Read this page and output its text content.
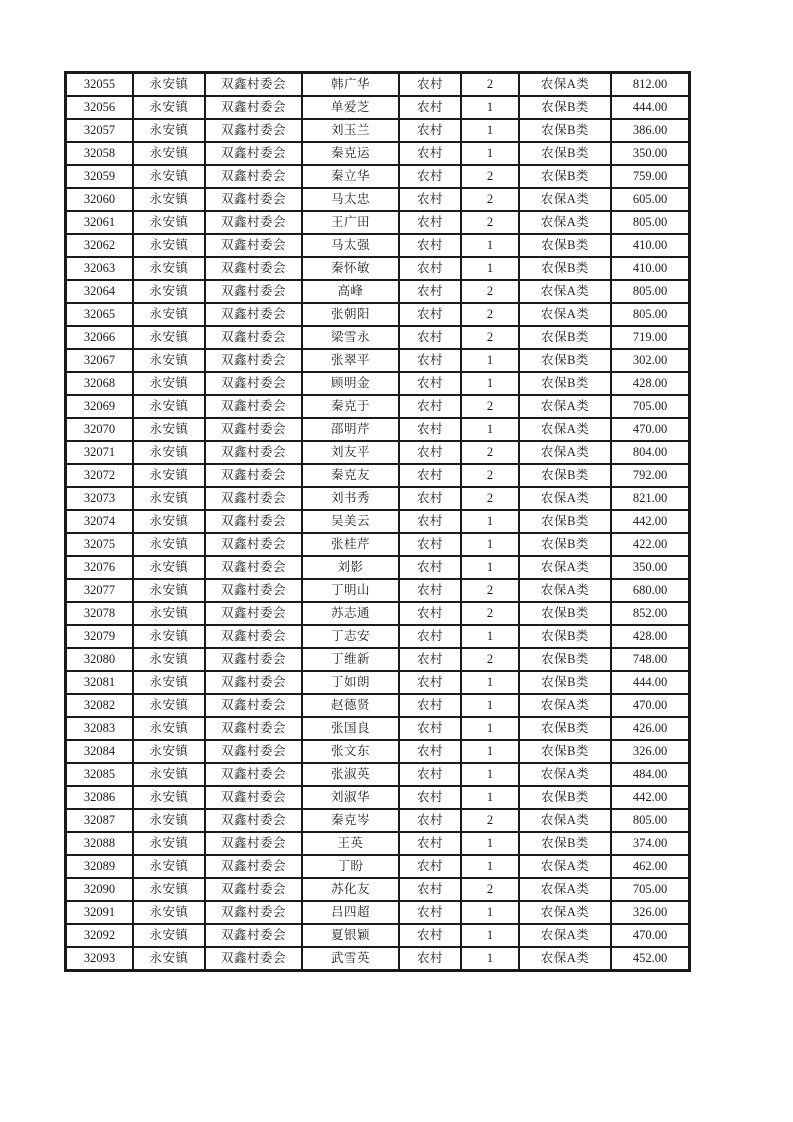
32055	永安镇	双鑫村委会	韩广华	农村	2	农保A类	812.00
32056	永安镇	双鑫村委会	单爱芝	农村	1	农保B类	444.00
32057	永安镇	双鑫村委会	刘玉兰	农村	1	农保B类	386.00
32058	永安镇	双鑫村委会	秦克运	农村	1	农保B类	350.00
32059	永安镇	双鑫村委会	秦立华	农村	2	农保B类	759.00
32060	永安镇	双鑫村委会	马太忠	农村	2	农保A类	605.00
32061	永安镇	双鑫村委会	王广田	农村	2	农保A类	805.00
32062	永安镇	双鑫村委会	马太强	农村	1	农保B类	410.00
32063	永安镇	双鑫村委会	秦怀敏	农村	1	农保B类	410.00
32064	永安镇	双鑫村委会	高峰	农村	2	农保A类	805.00
32065	永安镇	双鑫村委会	张朝阳	农村	2	农保A类	805.00
32066	永安镇	双鑫村委会	梁雪永	农村	2	农保B类	719.00
32067	永安镇	双鑫村委会	张翠平	农村	1	农保B类	302.00
32068	永安镇	双鑫村委会	顾明金	农村	1	农保B类	428.00
32069	永安镇	双鑫村委会	秦克于	农村	2	农保A类	705.00
32070	永安镇	双鑫村委会	邵明芹	农村	1	农保A类	470.00
32071	永安镇	双鑫村委会	刘友平	农村	2	农保A类	804.00
32072	永安镇	双鑫村委会	秦克友	农村	2	农保B类	792.00
32073	永安镇	双鑫村委会	刘书秀	农村	2	农保A类	821.00
32074	永安镇	双鑫村委会	吴美云	农村	1	农保B类	442.00
32075	永安镇	双鑫村委会	张桂芹	农村	1	农保B类	422.00
32076	永安镇	双鑫村委会	刘影	农村	1	农保A类	350.00
32077	永安镇	双鑫村委会	丁明山	农村	2	农保A类	680.00
32078	永安镇	双鑫村委会	苏志通	农村	2	农保B类	852.00
32079	永安镇	双鑫村委会	丁志安	农村	1	农保B类	428.00
32080	永安镇	双鑫村委会	丁维新	农村	2	农保B类	748.00
32081	永安镇	双鑫村委会	丁如朗	农村	1	农保B类	444.00
32082	永安镇	双鑫村委会	赵德贤	农村	1	农保A类	470.00
32083	永安镇	双鑫村委会	张国良	农村	1	农保B类	426.00
32084	永安镇	双鑫村委会	张文东	农村	1	农保B类	326.00
32085	永安镇	双鑫村委会	张淑英	农村	1	农保A类	484.00
32086	永安镇	双鑫村委会	刘淑华	农村	1	农保B类	442.00
32087	永安镇	双鑫村委会	秦克岑	农村	2	农保A类	805.00
32088	永安镇	双鑫村委会	王英	农村	1	农保B类	374.00
32089	永安镇	双鑫村委会	丁盼	农村	1	农保A类	462.00
32090	永安镇	双鑫村委会	苏化友	农村	2	农保A类	705.00
32091	永安镇	双鑫村委会	吕四超	农村	1	农保A类	326.00
32092	永安镇	双鑫村委会	夏银颖	农村	1	农保A类	470.00
32093	永安镇	双鑫村委会	武雪英	农村	1	农保A类	452.00
